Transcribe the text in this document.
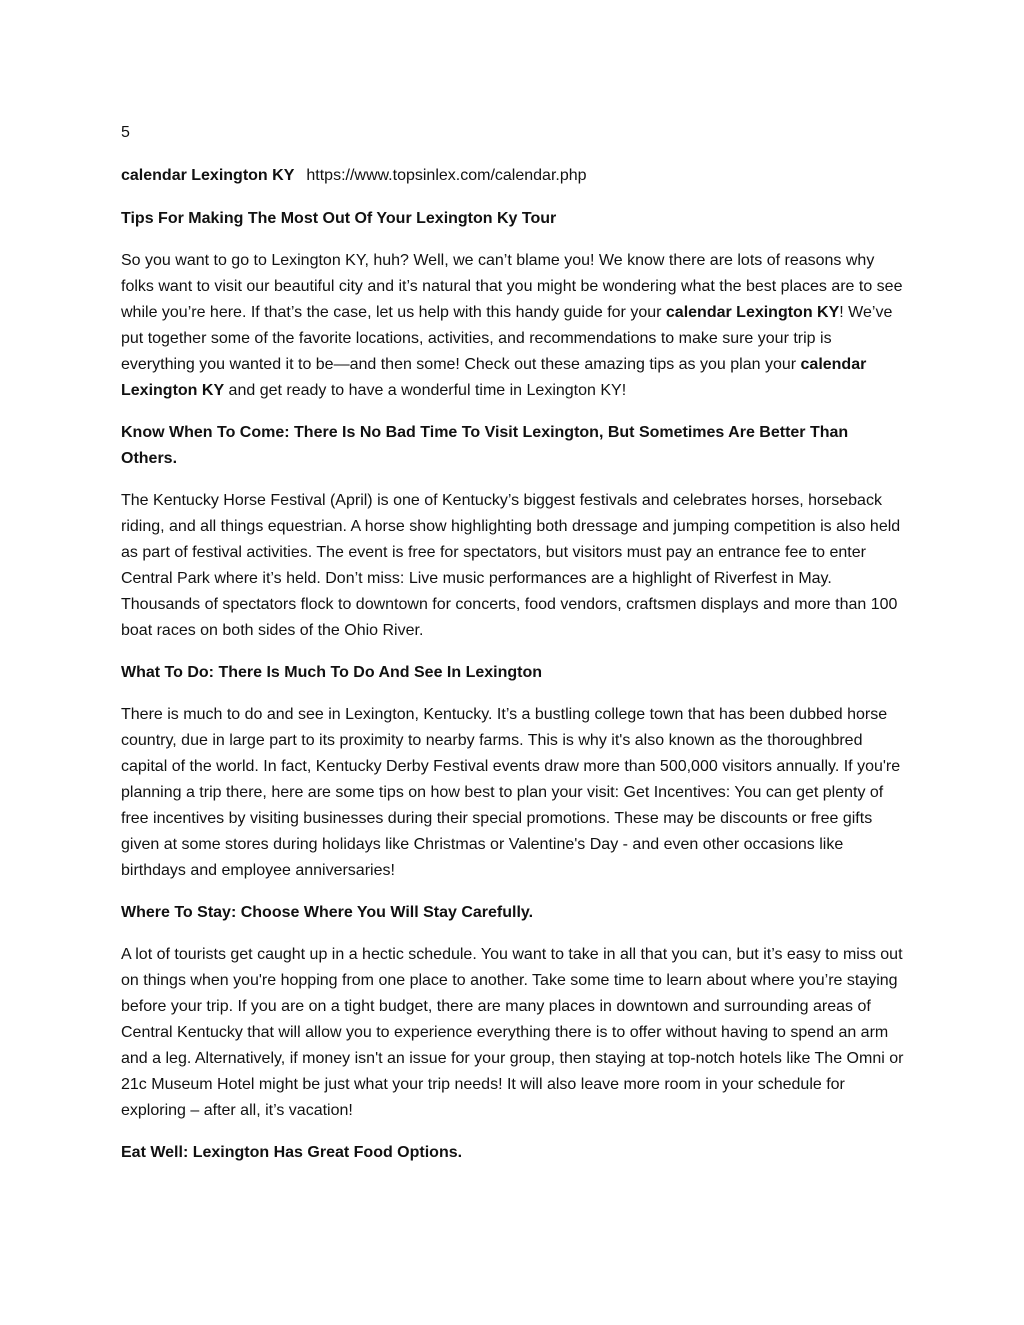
5
calendar Lexington KY https://www.topsinlex.com/calendar.php
Tips For Making The Most Out Of Your Lexington Ky Tour

So you want to go to Lexington KY, huh? Well, we can’t blame you! We know there are lots of reasons why folks want to visit our beautiful city and it’s natural that you might be wondering what the best places are to see while you’re here. If that’s the case, let us help with this handy guide for your calendar Lexington KY! We’ve put together some of the favorite locations, activities, and recommendations to make sure your trip is everything you wanted it to be—and then some! Check out these amazing tips as you plan your calendar Lexington KY and get ready to have a wonderful time in Lexington KY!

Know When To Come: There Is No Bad Time To Visit Lexington, But Sometimes Are Better Than Others.

The Kentucky Horse Festival (April) is one of Kentucky’s biggest festivals and celebrates horses, horseback riding, and all things equestrian. A horse show highlighting both dressage and jumping competition is also held as part of festival activities. The event is free for spectators, but visitors must pay an entrance fee to enter Central Park where it’s held. Don’t miss: Live music performances are a highlight of Riverfest in May. Thousands of spectators flock to downtown for concerts, food vendors, craftsmen displays and more than 100 boat races on both sides of the Ohio River.

What To Do: There Is Much To Do And See In Lexington

There is much to do and see in Lexington, Kentucky. It’s a bustling college town that has been dubbed horse country, due in large part to its proximity to nearby farms. This is why it's also known as the thoroughbred capital of the world. In fact, Kentucky Derby Festival events draw more than 500,000 visitors annually. If you're planning a trip there, here are some tips on how best to plan your visit: Get Incentives: You can get plenty of free incentives by visiting businesses during their special promotions. These may be discounts or free gifts given at some stores during holidays like Christmas or Valentine's Day - and even other occasions like birthdays and employee anniversaries!

Where To Stay: Choose Where You Will Stay Carefully.

A lot of tourists get caught up in a hectic schedule. You want to take in all that you can, but it’s easy to miss out on things when you're hopping from one place to another. Take some time to learn about where you’re staying before your trip. If you are on a tight budget, there are many places in downtown and surrounding areas of Central Kentucky that will allow you to experience everything there is to offer without having to spend an arm and a leg. Alternatively, if money isn't an issue for your group, then staying at top-notch hotels like The Omni or 21c Museum Hotel might be just what your trip needs! It will also leave more room in your schedule for exploring – after all, it’s vacation!

Eat Well: Lexington Has Great Food Options.
